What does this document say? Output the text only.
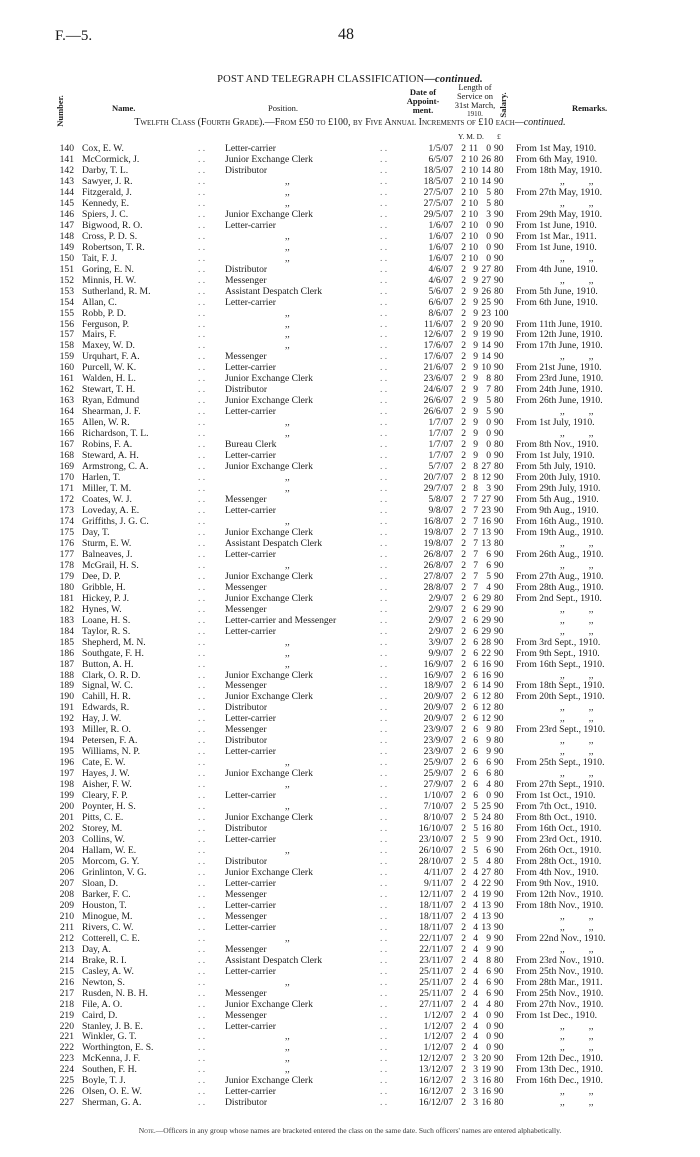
F.—5.	48
POST AND TELEGRAPH CLASSIFICATION—continued.
Number.	Name.	Position.
Date of
Appoint-
ment.
Length of
Service on
31st March,
1910.	Salary.	Remarks.
Twelfth Class (Fourth Grade).—From £50 to £100, by Five Annual Increments of £10 each—continued.
Y. M. D. £
140 Cox, E. W.	Letter-carrier	1/5/07 2 11 0 90	From 1st May, 1910.
. .	. .
141 McCormick, J.	Junior Exchange Clerk	6/5/07 2 10 26 80	From 6th May, 1910.
. .	. .
142 Darby, T. L.	Distributor	18/5/07 2 10 14 80	From 18th May, 1910.
. .	. .
143 Sawyer, J. R.	,,	18/5/07 2 10 14 90	,,          ,,
. .	. .
144 Fitzgerald, J.	,,	27/5/07 2 10 5 80	From 27th May, 1910.
. .	. .
145 Kennedy, E.	,,	27/5/07 2 10 5 80	,,          ,,
. .	. .
146 Spiers, J. C.	Junior Exchange Clerk	29/5/07 2 10 3 90	From 29th May, 1910.
. .	. .
147 Bigwood, R. O.	Letter-carrier	1/6/07 2 10 0 90	From 1st June, 1910.
. .	. .
148 Cross, P. D. S.	,,	1/6/07 2 10 0 90	From 1st Mar., 1911.
. .	. .
149 Robertson, T. R.	,,	1/6/07 2 10 0 90	From 1st June, 1910.
. .	. .
150 Tait, F. J.	,,	1/6/07 2 10 0 90	,,          ,,
. .	. .
151 Goring, E. N.	Distributor	4/6/07 2 9 27 80	From 4th June, 1910.
. .	. .
152 Minnis, H. W.	Messenger	4/6/07 2 9 27 90	,,          ,,
. .	. .
153 Sutherland, R. M.	Assistant Despatch Clerk	5/6/07 2 9 26 80	From 5th June, 1910.
. .	. .
154 Allan, C.	Letter-carrier	6/6/07 2 9 25 90	From 6th June, 1910.
. .	. .
155 Robb, P. D.	,,	8/6/07 2 9 23 100
. .	. .
156 Ferguson, P.	,,	11/6/07 2 9 20 90	From 11th June, 1910.
. .	. .
157 Mairs, F.	,,	12/6/07 2 9 19 90	From 12th June, 1910.
. .	. .
158 Maxey, W. D.	,,	17/6/07 2 9 14 90	From 17th June, 1910.
. .	. .
159 Urquhart, F. A.	Messenger	17/6/07 2 9 14 90	,,          ,,
. .	. .
160 Purcell, W. K.	Letter-carrier	21/6/07 2 9 10 90	From 21st June, 1910.
. .	. .
161 Walden, H. L.	Junior Exchange Clerk	23/6/07 2 9 8 80	From 23rd June, 1910.
. .	. .
162 Stewart, T. H.	Distributor	24/6/07 2 9 7 80	From 24th June, 1910.
. .	. .
163 Ryan, Edmund	Junior Exchange Clerk	26/6/07 2 9 5 80	From 26th June, 1910.
. .	. .
164 Shearman, J. F.	Letter-carrier	26/6/07 2 9 5 90	,,          ,,
. .	. .
165 Allen, W. R.	,,	1/7/07 2 9 0 90	From 1st July, 1910.
. .	. .
166 Richardson, T. L.	,,	1/7/07 2 9 0 90	,,          ,,
. .	. .
167 Robins, F. A.	Bureau Clerk	1/7/07 2 9 0 80	From 8th Nov., 1910.
. .	. .
168 Steward, A. H.	Letter-carrier	1/7/07 2 9 0 90	From 1st July, 1910.
. .	. .
169 Armstrong, C. A.	Junior Exchange Clerk	5/7/07 2 8 27 80	From 5th July, 1910.
. .	. .
170 Harlen, T.	,,	20/7/07 2 8 12 90	From 20th July, 1910.
. .	. .
171 Miller, T. M.	,,	29/7/07 2 8 3 90	From 29th July, 1910.
. .	. .
172 Coates, W. J.	Messenger	5/8/07 2 7 27 90	From 5th Aug., 1910.
. .	. .
173 Loveday, A. E.	Letter-carrier	9/8/07 2 7 23 90	From 9th Aug., 1910.
. .	. .
174 Griffiths, J. G. C.	,,	16/8/07 2 7 16 90	From 16th Aug., 1910.
. .	. .
175 Day, T.	Junior Exchange Clerk	19/8/07 2 7 13 90	From 19th Aug., 1910.
. .	. .
176 Sturm, E. W.	Assistant Despatch Clerk	19/8/07 2 7 13 80	,,          ,,
. .	. .
177 Balneaves, J.	Letter-carrier	26/8/07 2 7 6 90	From 26th Aug., 1910.
. .	. .
178 McGrail, H. S.	,,	26/8/07 2 7 6 90	,,          ,,
. .	. .
179 Dee, D. P.	Junior Exchange Clerk	27/8/07 2 7 5 90	From 27th Aug., 1910.
. .	. .
180 Gribble, H.	Messenger	28/8/07 2 7 4 90	From 28th Aug., 1910.
. .	. .
181 Hickey, P. J.	Junior Exchange Clerk	2/9/07 2 6 29 80	From 2nd Sept., 1910.
. .	. .
182 Hynes, W.	Messenger	2/9/07 2 6 29 90	,,          ,,
. .	. .
183 Loane, H. S.	Letter-carrier and Messenger	2/9/07 2 6 29 90	,,          ,,
. .	. .
184 Taylor, R. S.	Letter-carrier	2/9/07 2 6 29 90	,,          ,,
. .	. .
185 Shepherd, M. N.	,,	3/9/07 2 6 28 90	From 3rd Sept., 1910.
. .	. .
186 Southgate, F. H.	,,	9/9/07 2 6 22 90	From 9th Sept., 1910.
. .	. .
187 Button, A. H.	,,	16/9/07 2 6 16 90	From 16th Sept., 1910.
. .	. .
188 Clark, O. R. D.	Junior Exchange Clerk	16/9/07 2 6 16 90	,,          ,,
. .	. .
189 Signal, W. C.	Messenger	18/9/07 2 6 14 90	From 18th Sept., 1910.
. .	. .
190 Cahill, H. R.	Junior Exchange Clerk	20/9/07 2 6 12 80	From 20th Sept., 1910.
. .	. .
191 Edwards, R.	Distributor	20/9/07 2 6 12 80	,,          ,,
. .	. .
192 Hay, J. W.	Letter-carrier	20/9/07 2 6 12 90	,,          ,,
. .	. .
193 Miller, R. O.	Messenger	23/9/07 2 6 9 80	From 23rd Sept., 1910.
. .	. .
194 Petersen, F. A.	Distributor	23/9/07 2 6 9 80	,,          ,,
. .	. .
195 Williams, N. P.	Letter-carrier	23/9/07 2 6 9 90	,,          ,,
. .	. .
196 Cate, E. W.	,,	25/9/07 2 6 6 90	From 25th Sept., 1910.
. .	. .
197 Hayes, J. W.	Junior Exchange Clerk	25/9/07 2 6 6 80	,,          ,,
. .	. .
198 Aisher, F. W.	,,	27/9/07 2 6 4 80	From 27th Sept., 1910.
. .	. .
199 Cleary, F. P.	Letter-carrier	1/10/07 2 6 0 90	From 1st Oct., 1910.
. .	. .
200 Poynter, H. S.	,,	7/10/07 2 5 25 90	From 7th Oct., 1910.
. .	. .
201 Pitts, C. E.	Junior Exchange Clerk	8/10/07 2 5 24 80	From 8th Oct., 1910.
. .	. .
202 Storey, M.	Distributor	16/10/07 2 5 16 80	From 16th Oct., 1910.
. .	. .
203 Collins, W.	Letter-carrier	23/10/07 2 5 9 90	From 23rd Oct., 1910.
. .	. .
204 Hallam, W. E.	,,	26/10/07 2 5 6 90	From 26th Oct., 1910.
. .	. .
205 Morcom, G. Y.	Distributor	28/10/07 2 5 4 80	From 28th Oct., 1910.
. .	. .
206 Grinlinton, V. G.	Junior Exchange Clerk	4/11/07 2 4 27 80	From 4th Nov., 1910.
. .	. .
207 Sloan, D.	Letter-carrier	9/11/07 2 4 22 90	From 9th Nov., 1910.
. .	. .
208 Barker, F. C.	Messenger	12/11/07 2 4 19 90	From 12th Nov., 1910.
. .	. .
209 Houston, T.	Letter-carrier	18/11/07 2 4 13 90	From 18th Nov., 1910.
. .	. .
210 Minogue, M.	Messenger	18/11/07 2 4 13 90	,,          ,,
. .	. .
211 Rivers, C. W.	Letter-carrier	18/11/07 2 4 13 90	,,          ,,
. .	. .
212 Cotterell, C. E.	,,	22/11/07 2 4 9 90	From 22nd Nov., 1910.
. .	. .
213 Day, A.	Messenger	22/11/07 2 4 9 90	,,          ,,
. .	. .
214 Brake, R. I.	Assistant Despatch Clerk	23/11/07 2 4 8 80	From 23rd Nov., 1910.
. .	. .
215 Casley, A. W.	Letter-carrier	25/11/07 2 4 6 90	From 25th Nov., 1910.
. .	. .
216 Newton, S.	,,	25/11/07 2 4 6 90	From 28th Mar., 1911.
. .	. .
217 Rusden, N. B. H.	Messenger	25/11/07 2 4 6 90	From 25th Nov., 1910.
. .	. .
218 File, A. O.	Junior Exchange Clerk	27/11/07 2 4 4 80	From 27th Nov., 1910.
. .	. .
219 Caird, D.	Messenger	1/12/07 2 4 0 90	From 1st Dec., 1910.
. .	. .
220 Stanley, J. B. E.	Letter-carrier	1/12/07 2 4 0 90	,,          ,,
. .	. .
221 Winkler, G. T.	,,	1/12/07 2 4 0 90	,,          ,,
. .	. .
222 Worthington, E. S.	,,	1/12/07 2 4 0 90	,,          ,,
. .	. .
223 McKenna, J. F.	,,	12/12/07 2 3 20 90	From 12th Dec., 1910.
. .	. .
224 Southen, F. H.	,,	13/12/07 2 3 19 90	From 13th Dec., 1910.
. .	. .
225 Boyle, T. J.	Junior Exchange Clerk	16/12/07 2 3 16 80	From 16th Dec., 1910.
. .	. .
226 Olsen, O. E. W.	Letter-carrier	16/12/07 2 3 16 90	,,          ,,
. .	. .
227 Sherman, G. A.	Distributor	16/12/07 2 3 16 80	,,          ,,
. .	. .
Note.—Officers in any group whose names are bracketed entered the class on the same date. Such officers' names are entered alphabetically.
